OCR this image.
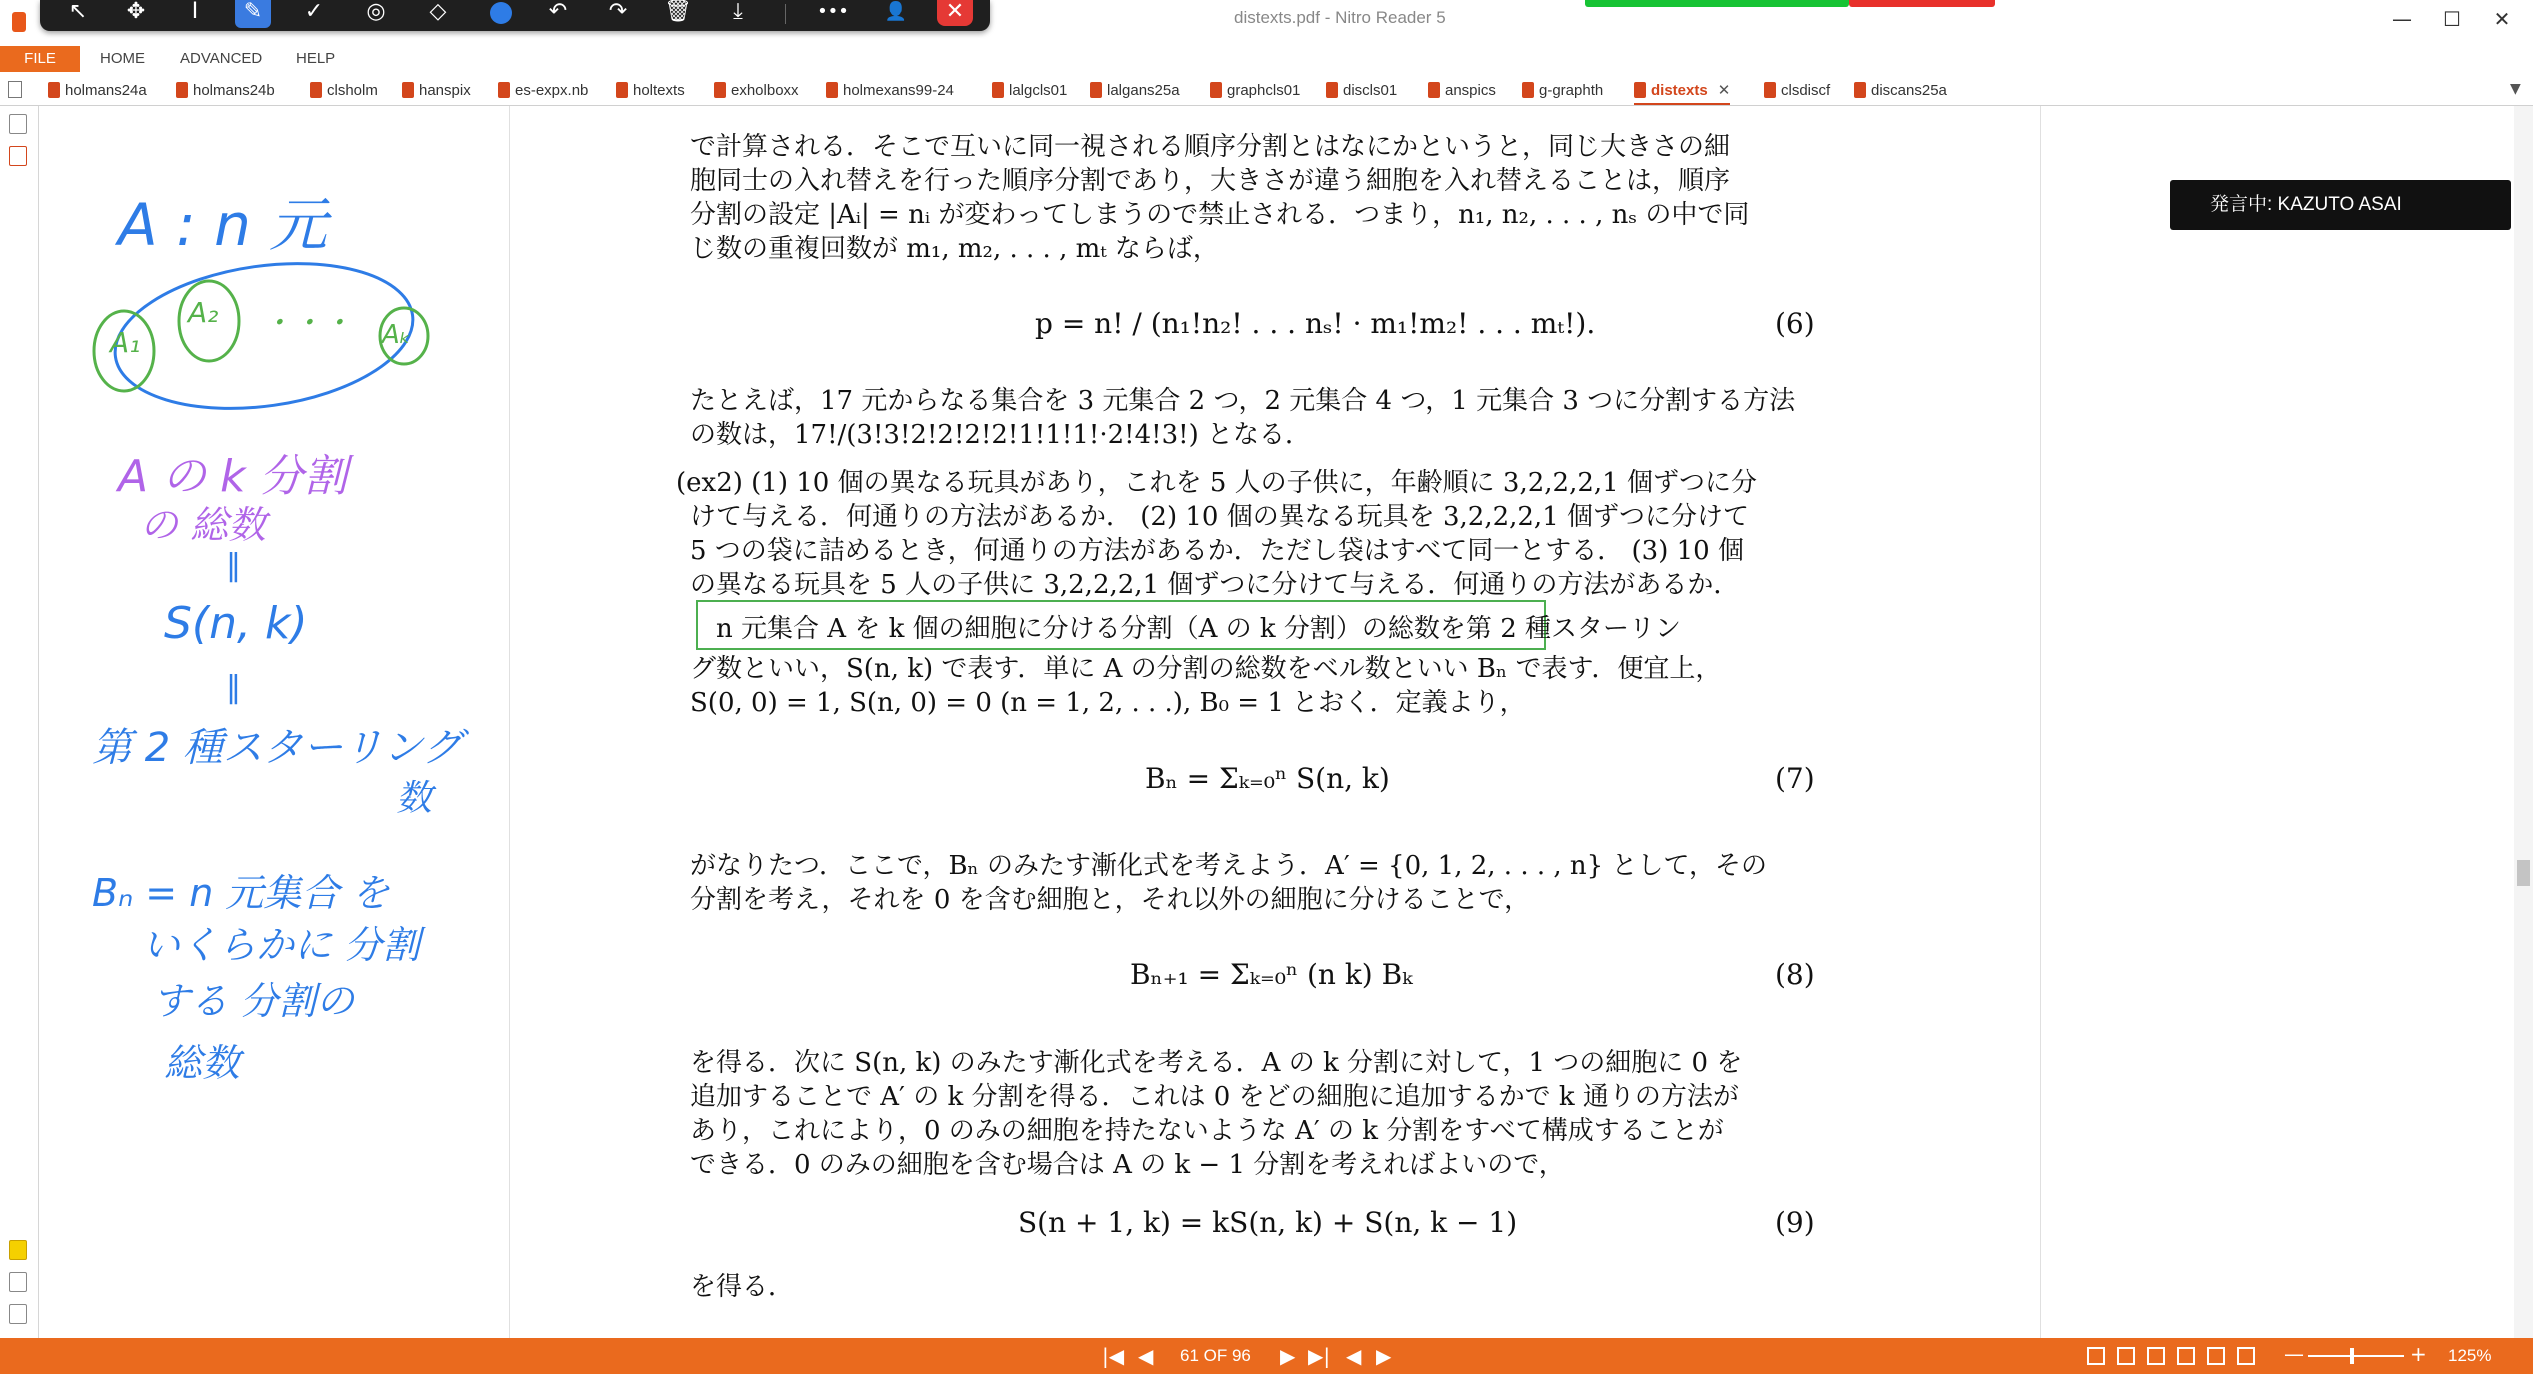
distexts.pdf - Nitro Reader 5	—	☐	✕
↖	✥	I	✎	✓	◎	◇	↶	↷	🗑	⤓	•••	👤	✕
FILE	HOME ADVANCED HELP
holmans24a	holmans24b	clsholm	hanspix	es-expx.nb	holtexts	exholboxx	holmexans99-24	lalgcls01	lalgans25a	graphcls01	discls01	anspics	g-graphth	distexts ✕	clsdiscf	discans25a	▼
A : n 元
A₁
A₂ ・・・ Aₖ
A の k 分割
の 総数
‖
S(n, k)
‖
第 2 種スターリング
数
Bₙ = n 元集合 を
いくらかに 分割
する 分割の
総数
で計算される．そこで互いに同一視される順序分割とはなにかというと，同じ大きさの細
胞同士の入れ替えを行った順序分割であり，大きさが違う細胞を入れ替えることは，順序
分割の設定 |Aᵢ| = nᵢ が変わってしまうので禁止される．つまり，n₁, n₂, . . . , nₛ の中で同
じ数の重複回数が m₁, m₂, . . . , mₜ ならば，
p = n! / (n₁!n₂! . . . nₛ! · m₁!m₂! . . . mₜ!).	(6)
たとえば，17 元からなる集合を 3 元集合 2 つ，2 元集合 4 つ，1 元集合 3 つに分割する方法
の数は，17!/(3!3!2!2!2!2!1!1!1!·2!4!3!) となる．
(ex2) (1) 10 個の異なる玩具があり，これを 5 人の子供に，年齢順に 3,2,2,2,1 個ずつに分
けて与える．何通りの方法があるか． (2) 10 個の異なる玩具を 3,2,2,2,1 個ずつに分けて
5 つの袋に詰めるとき，何通りの方法があるか．ただし袋はすべて同一とする． (3) 10 個
の異なる玩具を 5 人の子供に 3,2,2,2,1 個ずつに分けて与える．何通りの方法があるか．
n 元集合 A を k 個の細胞に分ける分割（A の k 分割）の総数を第 2 種スターリン
グ数といい，S(n, k) で表す．単に A の分割の総数をベル数といい Bₙ で表す．便宜上，
S(0, 0) = 1, S(n, 0) = 0 (n = 1, 2, . . .), B₀ = 1 とおく．定義より，
Bₙ = Σₖ₌₀ⁿ S(n, k)	(7)
がなりたつ．ここで，Bₙ のみたす漸化式を考えよう．A′ = {0, 1, 2, . . . , n} として，その
分割を考え，それを 0 を含む細胞と，それ以外の細胞に分けることで，
Bₙ₊₁ = Σₖ₌₀ⁿ (n k) Bₖ	(8)
を得る．次に S(n, k) のみたす漸化式を考える．A の k 分割に対して，1 つの細胞に 0 を
追加することで A′ の k 分割を得る．これは 0 をどの細胞に追加するかで k 通りの方法が
あり，これにより，0 のみの細胞を持たないような A′ の k 分割をすべて構成することが
できる．0 のみの細胞を含む場合は A の k − 1 分割を考えればよいので，
S(n + 1, k) = kS(n, k) + S(n, k − 1)	(9)
を得る．
発言中: KAZUTO ASAI
|◀ ◀ 61 OF 96 ▶ ▶| ◀ ▶	—	+ 125%
